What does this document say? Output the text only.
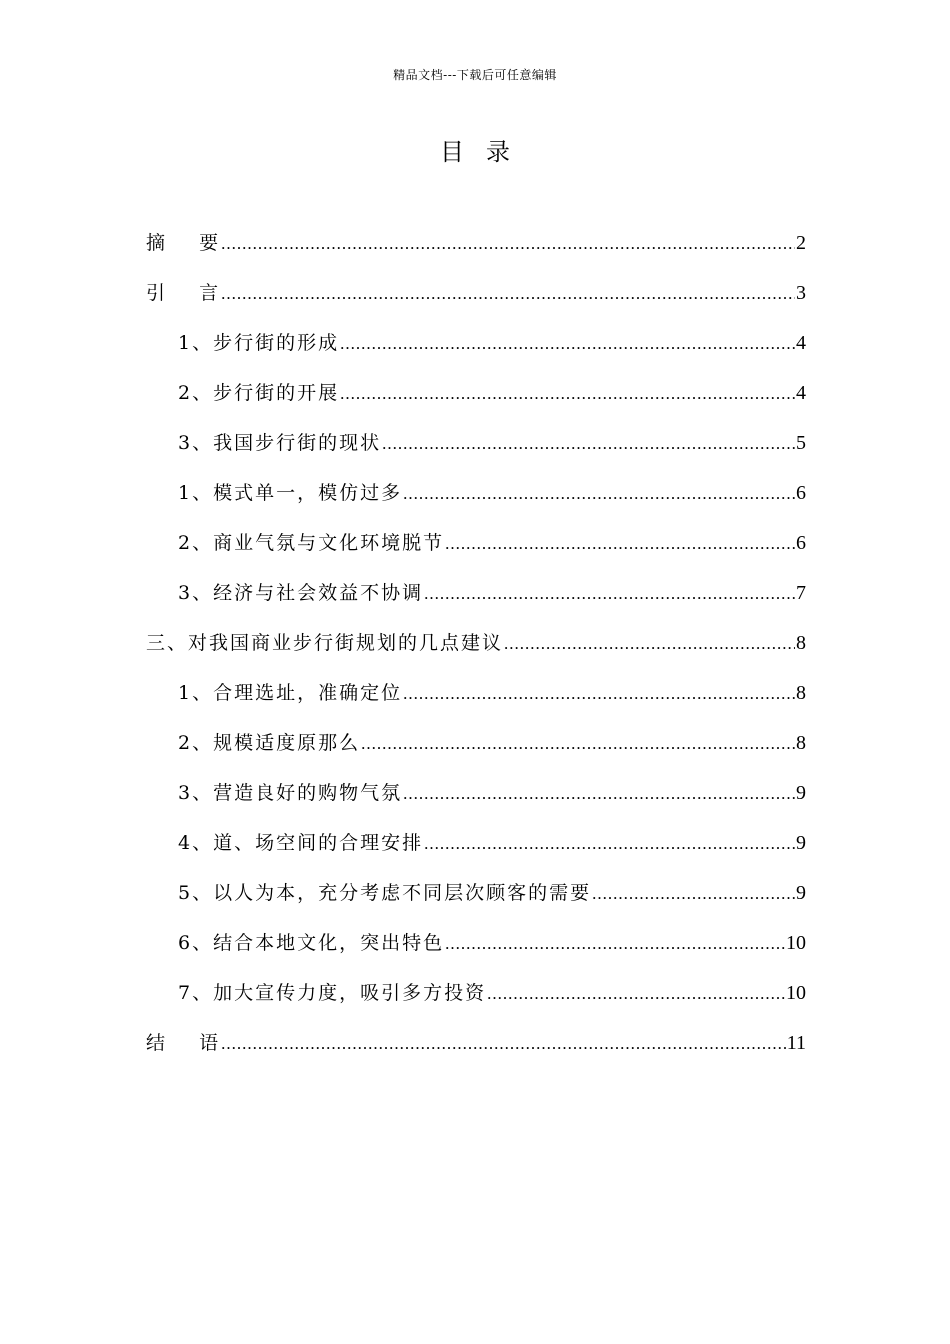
精品文档---下载后可任意编辑
目录
摘    要 .....	2
引    言 .....	3
1、步行街的形成 .....	4
2、步行街的开展 .....	4
3、我国步行街的现状 .....	5
1、模式单一，模仿过多 .....	6
2、商业气氛与文化环境脱节 .....	6
3、经济与社会效益不协调 .....	7
三、对我国商业步行街规划的几点建议 .....	8
1、合理选址，准确定位 .....	8
2、规模适度原那么 .....	8
3、营造良好的购物气氛 .....	9
4、道、场空间的合理安排 .....	9
5、以人为本，充分考虑不同层次顾客的需要 .....	9
6、结合本地文化，突出特色 .....	10
7、加大宣传力度，吸引多方投资 .....	10
结    语 .....	11
